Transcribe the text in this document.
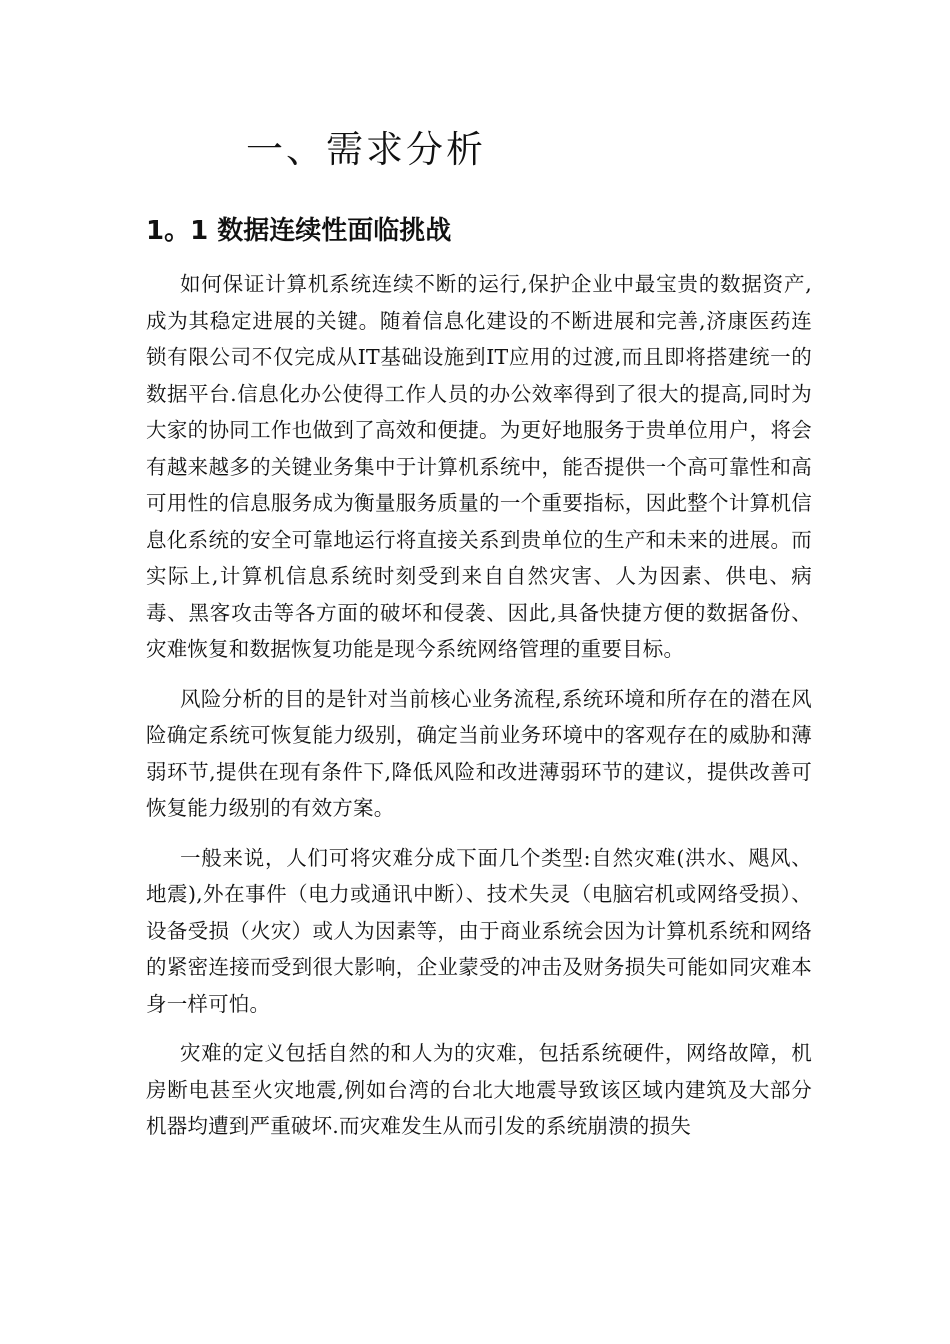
一、需求分析
1。1 数据连续性面临挑战

如何保证计算机系统连续不断的运行,保护企业中最宝贵的数据资产,成为其稳定进展的关键。随着信息化建设的不断进展和完善,济康医药连锁有限公司不仅完成从IT基础设施到IT应用的过渡,而且即将搭建统一的数据平台.信息化办公使得工作人员的办公效率得到了很大的提高,同时为大家的协同工作也做到了高效和便捷。为更好地服务于贵单位用户，将会有越来越多的关键业务集中于计算机系统中，能否提供一个高可靠性和高可用性的信息服务成为衡量服务质量的一个重要指标，因此整个计算机信息化系统的安全可靠地运行将直接关系到贵单位的生产和未来的进展。而实际上,计算机信息系统时刻受到来自自然灾害、人为因素、供电、病毒、黑客攻击等各方面的破坏和侵袭、因此,具备快捷方便的数据备份、灾难恢复和数据恢复功能是现今系统网络管理的重要目标。

风险分析的目的是针对当前核心业务流程,系统环境和所存在的潜在风险确定系统可恢复能力级别，确定当前业务环境中的客观存在的威胁和薄弱环节,提供在现有条件下,降低风险和改进薄弱环节的建议，提供改善可恢复能力级别的有效方案。

一般来说，人们可将灾难分成下面几个类型:自然灾难(洪水、飓风、地震),外在事件（电力或通讯中断）、技术失灵（电脑宕机或网络受损）、设备受损（火灾）或人为因素等，由于商业系统会因为计算机系统和网络的紧密连接而受到很大影响，企业蒙受的冲击及财务损失可能如同灾难本身一样可怕。

灾难的定义包括自然的和人为的灾难，包括系统硬件，网络故障，机房断电甚至火灾地震,例如台湾的台北大地震导致该区域内建筑及大部分机器均遭到严重破坏.而灾难发生从而引发的系统崩溃的损失
